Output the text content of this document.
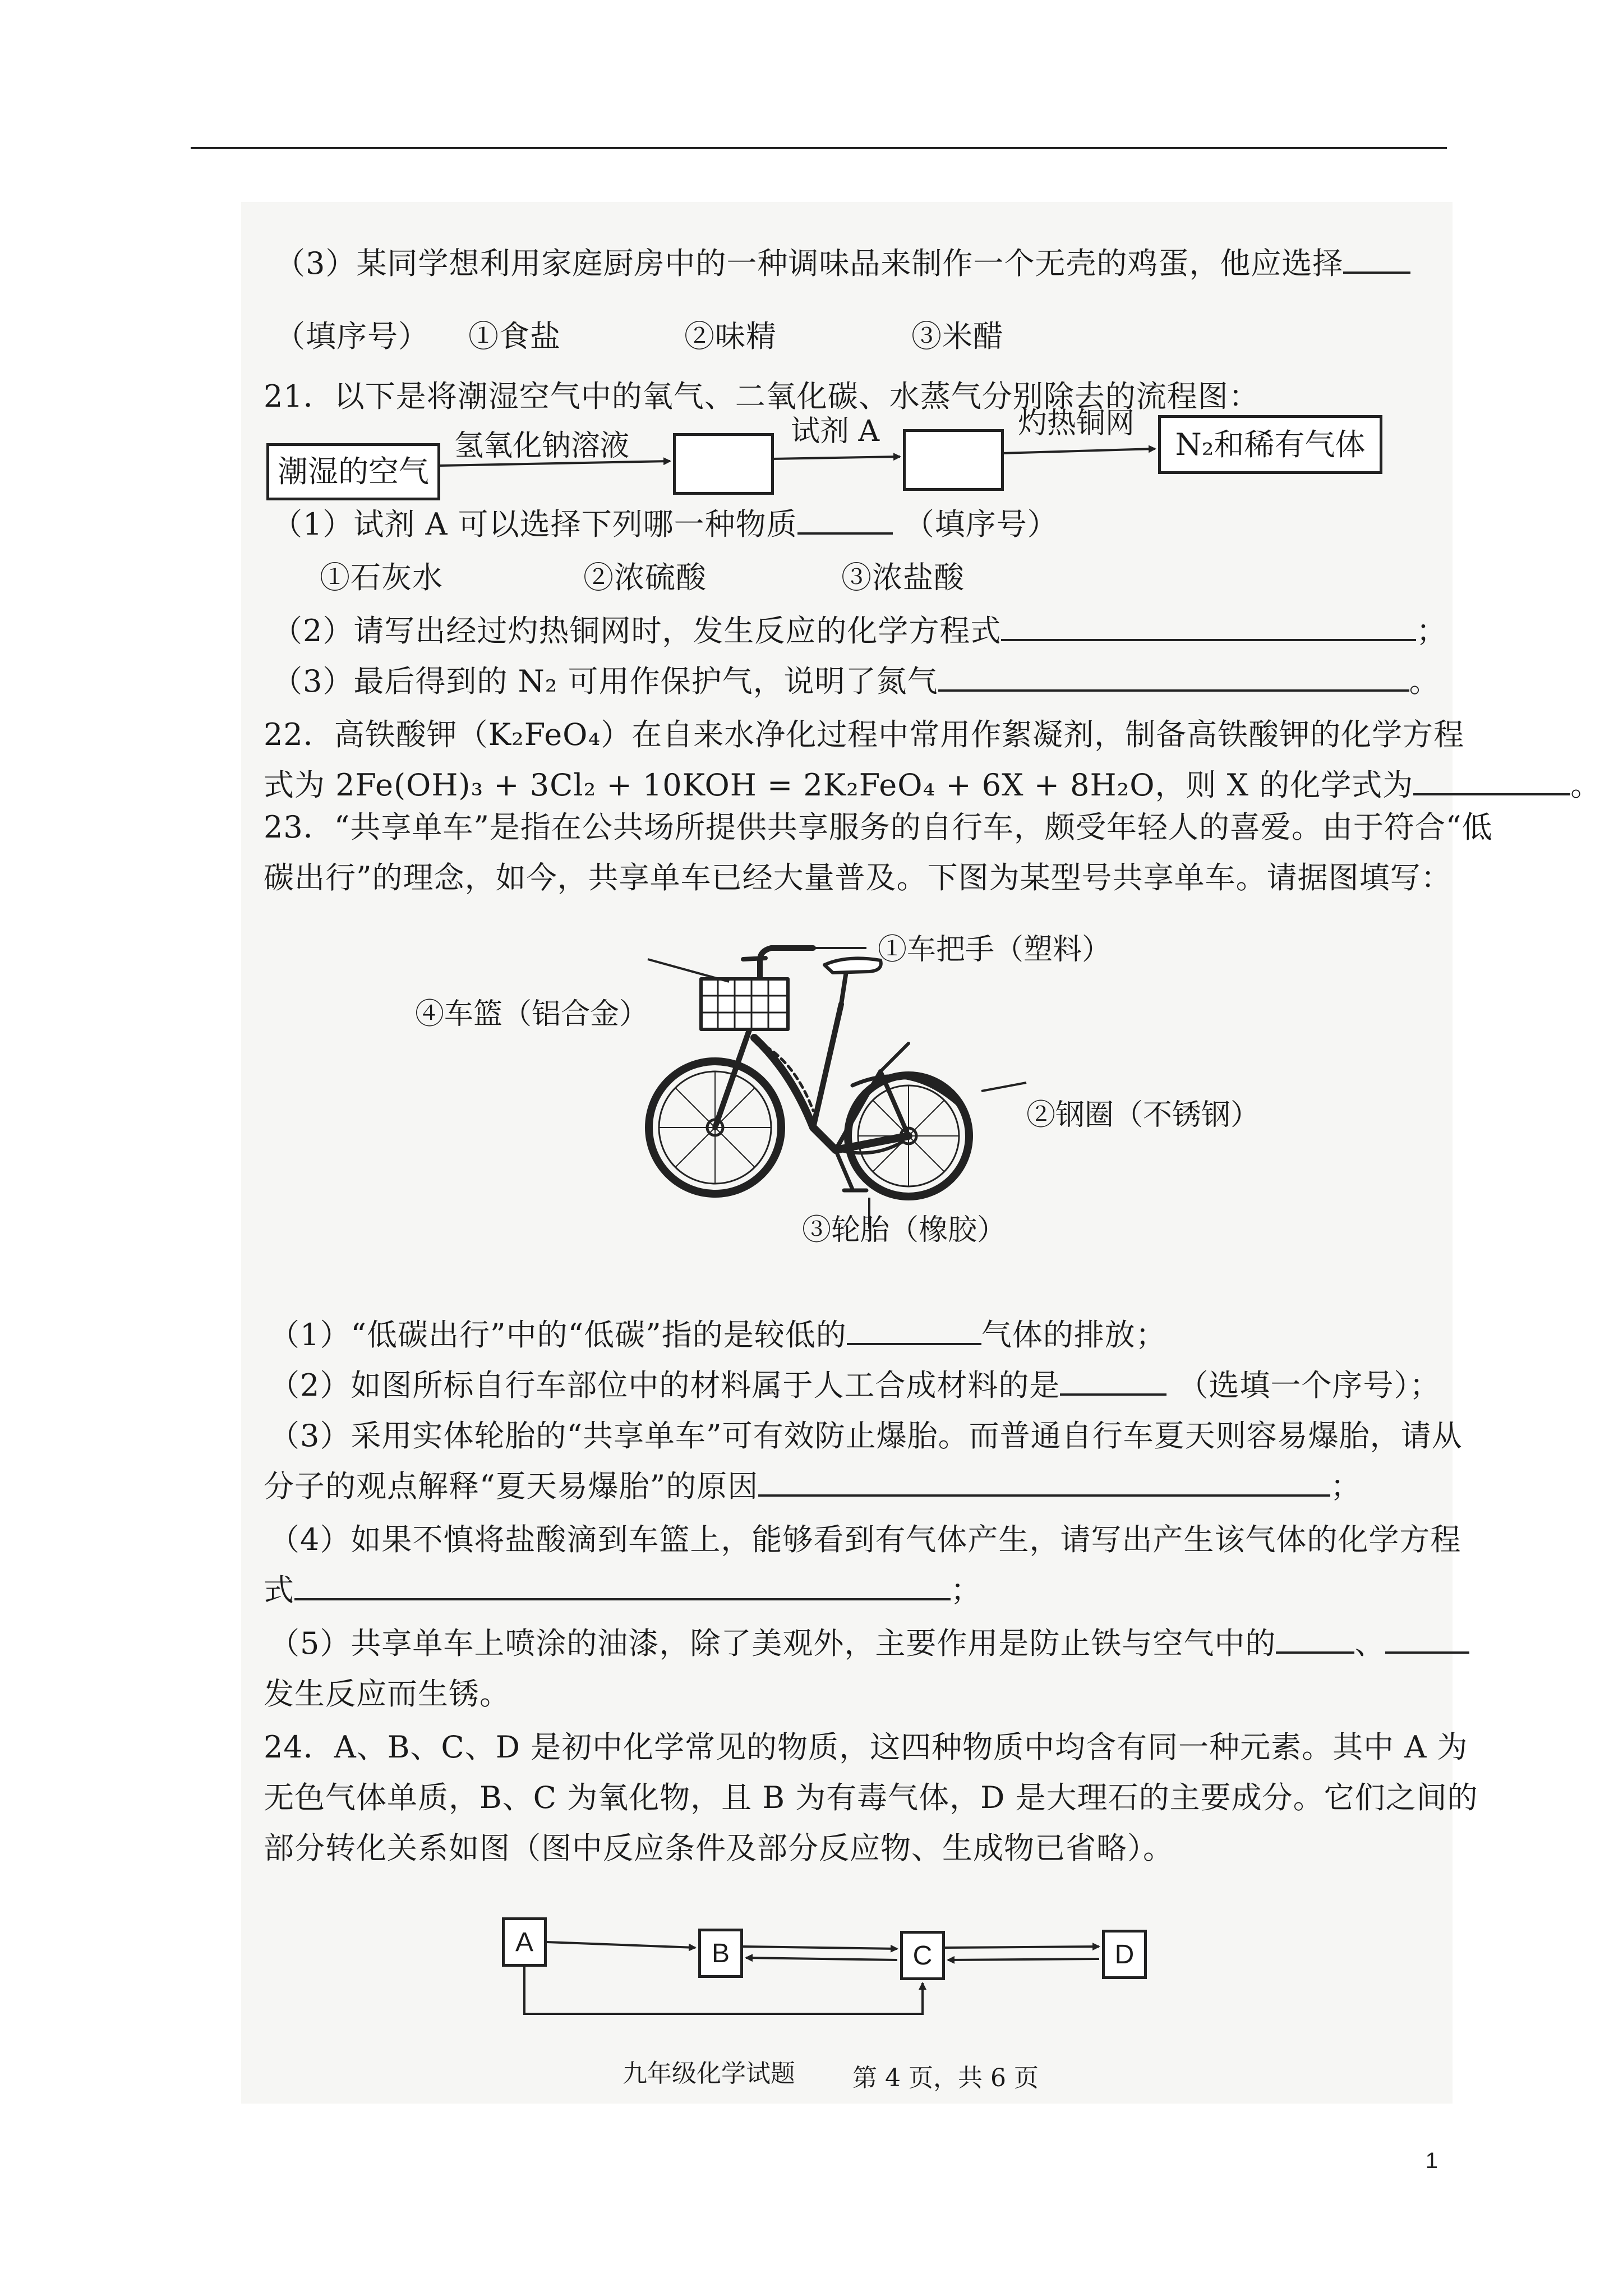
（3）某同学想利用家庭厨房中的一种调味品来制作一个无壳的鸡蛋，他应选择
（填序号） ①食盐	②味精	③米醋
21．以下是将潮湿空气中的氧气、二氧化碳、水蒸气分别除去的流程图：
潮湿的空气
氢氧化钠溶液	试剂 A	灼热铜网
N₂和稀有气体
（1）试剂 A 可以选择下列哪一种物质	（填序号）
①石灰水	②浓硫酸	③浓盐酸
（2）请写出经过灼热铜网时，发生反应的化学方程式	；
（3）最后得到的 N₂ 可用作保护气，说明了氮气	。
22．高铁酸钾（K₂FeO₄）在自来水净化过程中常用作絮凝剂，制备高铁酸钾的化学方程
式为 2Fe(OH)₃ + 3Cl₂ + 10KOH = 2K₂FeO₄ + 6X + 8H₂O，则 X 的化学式为	。
23．“共享单车”是指在公共场所提供共享服务的自行车，颇受年轻人的喜爱。由于符合“低
碳出行”的理念，如今，共享单车已经大量普及。下图为某型号共享单车。请据图填写：
①车把手（塑料）
④车篮（铝合金）
②钢圈（不锈钢）
③轮胎（橡胶）
（1）“低碳出行”中的“低碳”指的是较低的	气体的排放；
（2）如图所标自行车部位中的材料属于人工合成材料的是	（选填一个序号）；
（3）采用实体轮胎的“共享单车”可有效防止爆胎。而普通自行车夏天则容易爆胎，请从
分子的观点解释“夏天易爆胎”的原因	；
（4）如果不慎将盐酸滴到车篮上，能够看到有气体产生，请写出产生该气体的化学方程
式	；
（5）共享单车上喷涂的油漆，除了美观外，主要作用是防止铁与空气中的	、
发生反应而生锈。
24．A、B、C、D 是初中化学常见的物质，这四种物质中均含有同一种元素。其中 A 为
无色气体单质，B、C 为氧化物，且 B 为有毒气体，D 是大理石的主要成分。它们之间的
部分转化关系如图（图中反应条件及部分反应物、生成物已省略）。
A	B	C	D
九年级化学试题 第 4 页，共 6 页
1
